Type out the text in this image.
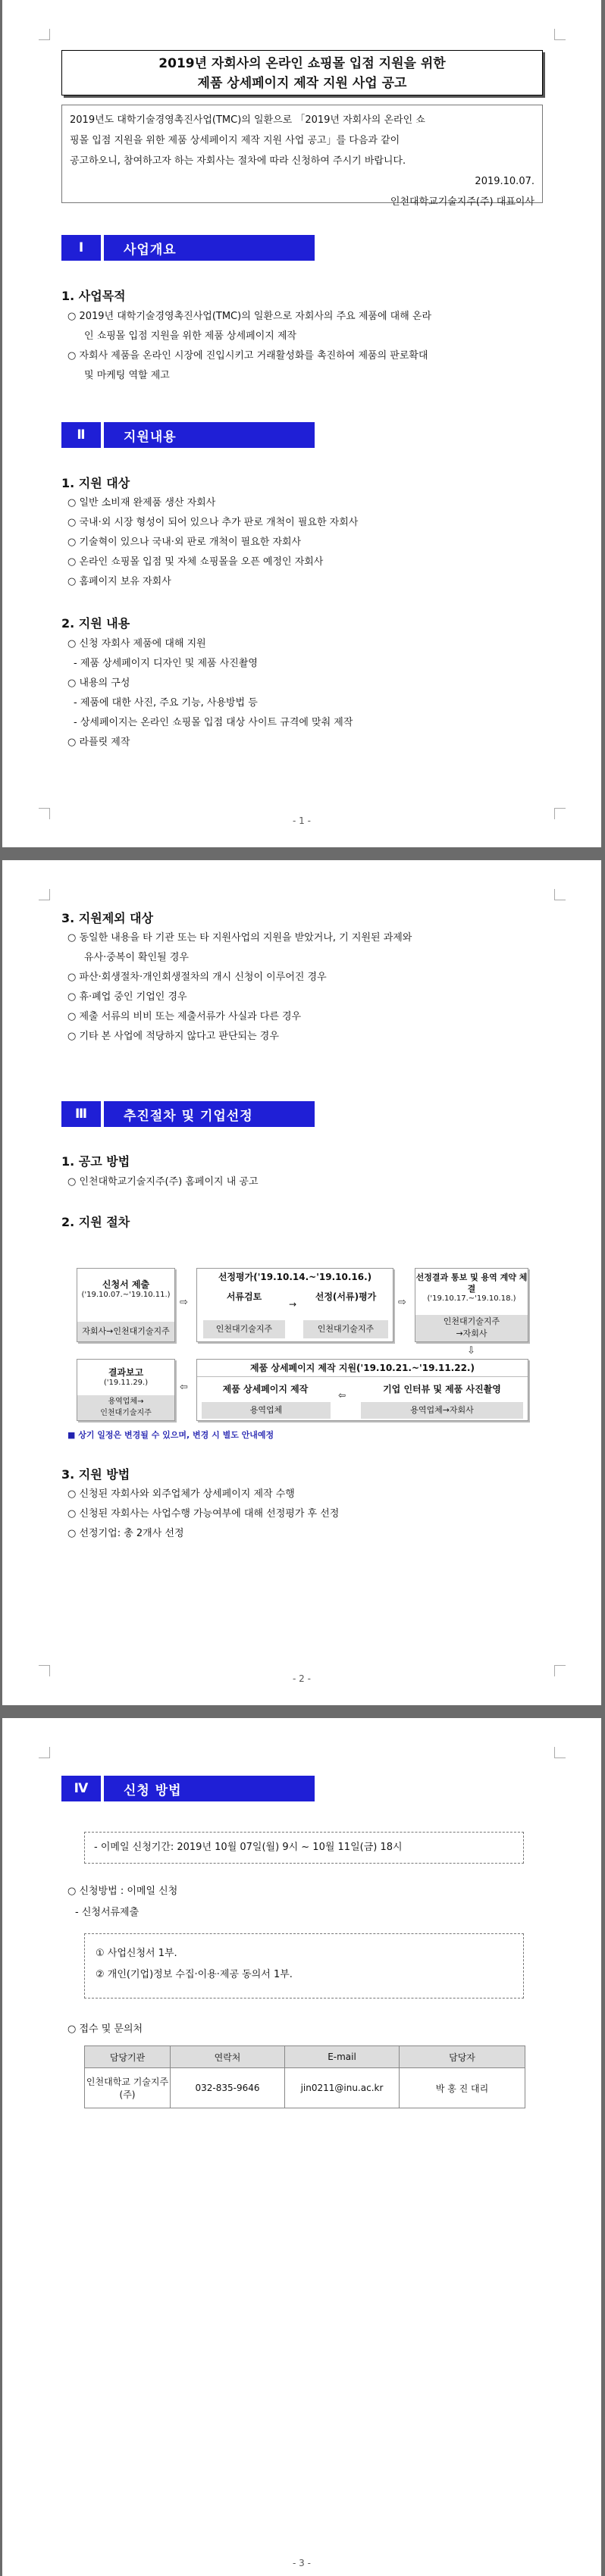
2019년 자회사의 온라인 쇼핑몰 입점 지원을 위한
제품 상세페이지 제작 지원 사업 공고
2019년도 대학기술경영촉진사업(TMC)의 일환으로 「2019년 자회사의 온라인 쇼
핑몰 입점 지원을 위한 제품 상세페이지 제작 지원 사업 공고」를 다음과 같이
공고하오니, 참여하고자 하는 자회사는 절차에 따라 신청하여 주시기 바랍니다.
2019.10.07.
인천대학교기술지주(주) 대표이사
Ⅰ	사업개요
1. 사업목적
○ 2019년 대학기술경영촉진사업(TMC)의 일환으로 자회사의 주요 제품에 대해 온라
인 쇼핑몰 입점 지원을 위한 제품 상세페이지 제작
○ 자회사 제품을 온라인 시장에 진입시키고 거래활성화를 촉진하여 제품의 판로확대
및 마케팅 역할 제고
Ⅱ	지원내용
1. 지원 대상
○ 일반 소비재 완제품 생산 자회사
○ 국내·외 시장 형성이 되어 있으나 추가 판로 개척이 필요한 자회사
○ 기술혁이 있으나 국내·외 판로 개척이 필요한 자회사
○ 온라인 쇼핑몰 입점 및 자체 쇼핑몰을 오픈 예정인 자회사
○ 홈페이지 보유 자회사
2. 지원 내용
○ 신청 자회사 제품에 대해 지원
- 제품 상세페이지 디자인 및 제품 사진촬영
○ 내용의 구성
- 제품에 대한 사진, 주요 기능, 사용방법 등
- 상세페이지는 온라인 쇼핑몰 입점 대상 사이트 규격에 맞춰 제작
○ 라플릿 제작
- 1 -
3. 지원제외 대상
○ 동일한 내용을 타 기관 또는 타 지원사업의 지원을 받았거나, 기 지원된 과제와
유사·중복이 확인될 경우
○ 파산·회생절차·개인회생절차의 개시 신청이 이루어진 경우
○ 휴·폐업 중인 기업인 경우
○ 제출 서류의 비비 또는 제출서류가 사실과 다른 경우
○ 기타 본 사업에 적당하지 않다고 판단되는 경우
Ⅲ	추진절차 및 기업선정
1. 공고 방법
○ 인천대학교기술지주(주) 홈페이지 내 공고
2. 지원 절차
신청서 제출
('19.10.07.~'19.10.11.)
자회사→인천대기술지주
⇨
선정평가('19.10.14.~'19.10.16.)
서류검토
인천대기술지주
→
선정(서류)평가
인천대기술지주
⇨
선정결과 통보 및 용역 계약 체결
('19.10.17.~'19.10.18.)
인천대기술지주
→자회사
⇩
결과보고
('19.11.29.)
용역업체→
인천대기술지주
⇦
제품 상세페이지 제작 지원('19.10.21.~'19.11.22.)
제품 상세페이지 제작
용역업체
⇦
기업 인터뷰 및 제품 사진촬영
용역업체→자회사
■ 상기 일정은 변경될 수 있으며, 변경 시 별도 안내예정
3. 지원 방법
○ 신청된 자회사와 외주업체가 상세페이지 제작 수행
○ 신청된 자회사는 사업수행 가능여부에 대해 선정평가 후 선정
○ 선정기업: 총 2개사 선정
- 2 -
Ⅳ	신청 방법
- 이메일 신청기간: 2019년 10월 07일(월) 9시 ~ 10월 11일(금) 18시
○ 신청방법 : 이메일 신청
- 신청서류제출
① 사업신청서 1부.
② 개인(기업)정보 수집·이용·제공 동의서 1부.
○ 접수 및 문의처
담당기관	연락처	E-mail	담당자
인천대학교 기술지주(주)	032-835-9646	jin0211@inu.ac.kr	박 홍 진 대리
- 3 -
